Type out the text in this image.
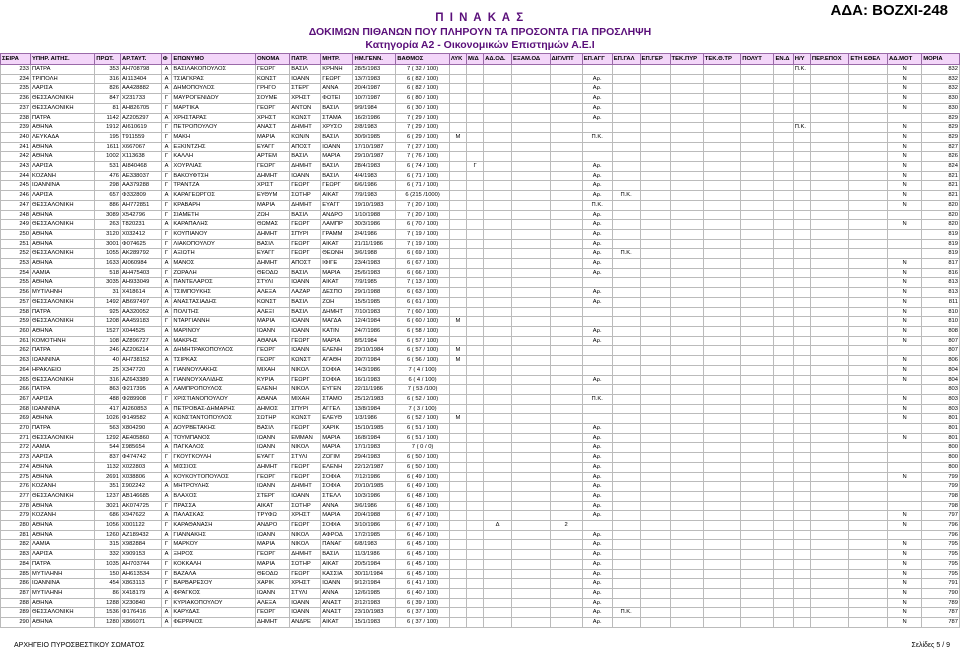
ΑΔΑ: ΒΟΖΧΙ-248
Π Ι Ν Α Κ Α Σ
ΔΟΚΙΜΩΝ ΠΙΘΑΝΩΝ ΠΟΥ ΠΛΗΡΟΥΝ ΤΑ ΠΡΟΣΟΝΤΑ ΓΙΑ ΠΡΟΣΛΗΨΗ
Κατηγορία Α2 - Οικονομικών Επιστημών Α.Ε.Ι
ΣΕΙΡΑ	ΥΠΗΡ. ΑΙΤΗΣ.	ΠΡΩΤ.	ΑΡ.ΤΑΥΤ.	Φ	ΕΠΩΝΥΜΟ	ΟΝΟΜΑ	ΠΑΤΡ.	ΜΗΤΡ.	ΗΜ.ΓΕΝΝ.	ΒΑΘΜΟΣ	ΛΥΚ	Μ/Δ	ΑΔ.ΟΔ.	ΕΞΑΜ.ΟΔ	ΔΙΓΛ/ΠΤ	ΕΠ.ΑΓΓ	ΕΠ.ΓΑΛ	ΕΠ.ΓΕΡ	ΤΕΚ.ΠΥΡ	ΤΕΚ.Θ.ΤΡ	ΠΟΛΥΤ	ΕΝ.Δ	Η/Υ	ΠΕΡ.ΕΠΟΧ	ΕΤΗ ΕΘΕΛ	ΑΔ.ΜΟΤ	ΜΟΡΙΑ
233	ΠΑΤΡΑ	353	ΑΗ708798	Α	ΒΑΣΙΛΑΚΟΠΟΥΛΟΣ	ΓΕΩΡΓ	ΒΑΣΙΛ	ΚΡΗΝΗ	28/5/1983	7 ( 32 / 100)													Π.Κ.			Ν	832
234	ΤΡΙΠΟΛΗ	316	ΑΙ113404	Α	ΤΣΙΑΓΚΡΑΣ	ΚΩΝΣΤ	ΙΩΑΝΝ	ΓΕΩΡΓ	13/7/1983	6 ( 82 / 100)						Αρ.										Ν	832
235	ΛΑΡΙΣΑ	826	ΑΑ428882	Α	ΔΗΜΟΠΟΥΛΟΣ	ΓΡΗΓΟ	ΣΤΕΡΓ	ΑΝΝΑ	20/4/1987	6 ( 82 / 100)						Αρ.										Ν	832
236	ΘΕΣΣΑΛΟΝΙΚΗ	847	Χ231733	Γ	ΜΑΥΡΟΓΕΝΙΔΟΥ	ΣΟΥΜΕ	ΧΡΗΣΤ	ΦΩΤΕΙ	10/7/1987	6 ( 80 / 100)						Αρ.										Ν	830
237	ΘΕΣΣΑΛΟΝΙΚΗ	81	ΑΗ826705	Γ	ΜΑΡΤΙΚΑ	ΓΕΩΡΓ	ΑΝΤΩΝ	ΒΑΣΙΛ	9/9/1984	6 ( 30 / 100)						Αρ.										Ν	830
238	ΠΑΤΡΑ	1142	ΑΖ205297	Α	ΧΡΗΣΤΑΡΑΣ	ΧΡΗΣΤ	ΚΩΝΣΤ	ΣΤΑΜΑ	16/2/1986	7 ( 29 / 100)						Αρ.											829
239	ΑΘΗΝΑ	1912	ΑΙ610619	Γ	ΠΕΤΡΟΠΟΥΛΟΥ	ΑΝΑΣΤ	ΔΗΜΗΤ	ΧΡΥΣΟ	2/8/1983	7 ( 29 / 100)													Π.Κ.			Ν	829
240	ΛΕΥΚΑΔΑ	195	Τ911559	Γ	ΜΑΚΗ	ΜΑΡΙΑ	ΚΩΝ/Ν	ΒΑΣΙΛ	30/9/1985	6 ( 29 / 100)	Μ					Π.Κ.										Ν	829
241	ΑΘΗΝΑ	1611	Χ667067	Α	ΕΞΚΙΝΤΖΗΣ	ΕΥΑΓΓ	ΑΠΟΣΤ	ΙΩΑΝΝ	17/10/1987	7 ( 27 / 100)																Ν	827
242	ΑΘΗΝΑ	1002	Χ113638	Γ	ΚΑΛΛΗ	ΑΡΤΕΜ	ΒΑΣΙΛ	ΜΑΡΙΑ	29/10/1987	7 ( 76 / 100)																Ν	826
243	ΛΑΡΙΣΑ	531	ΑΙ840468	Α	ΧΟΥΡΛΙΑΣ	ΓΕΩΡΓ	ΔΗΜΗΤ	ΒΑΣΙΛ	28/4/1983	6 ( 74 / 100)		Γ				Αρ.										Ν	824
244	ΚΟΖΑΝΗ	476	ΑΕ338037	Γ	ΒΑΚΟΥΦΤΣΗ	ΔΗΜΗΤ	ΙΩΑΝΝ	ΒΑΣΙΛ	4/4/1983	6 ( 71 / 100)						Αρ.										Ν	821
245	ΙΩΑΝΝΙΝΑ	298	ΑΑ379288	Γ	ΤΡΑΝΤΖΑ	ΧΡΙΣΤ	ΓΕΩΡΓ	ΓΕΩΡΓ	6/6/1986	6 ( 71 / 100)						Αρ.										Ν	821
246	ΛΑΡΙΣΑ	657	Φ332809	Α	ΚΑΡΑΓΕΩΡΓΟΣ	ΕΥΘΥΜ	ΣΩΤΗΡ	ΑΙΚΑΤ	7/9/1983	6 (215 /1000)						Αρ.	Π.Κ.									Ν	821
247	ΘΕΣΣΑΛΟΝΙΚΗ	886	ΑΗ772851	Γ	ΚΡΑΒΑΡΗ	ΜΑΡΙΑ	ΔΗΜΗΤ	ΕΥΑΓΓ	19/10/1983	7 ( 20 / 100)						Π.Κ.										Ν	820
248	ΑΘΗΝΑ	3089	Χ542796	Γ	ΣΙΑΜΕΤΗ	ΖΩΗ	ΒΑΣΙΛ	ΑΝΔΡΟ	1/10/1988	7 ( 20 / 100)						Αρ.											820
249	ΘΕΣΣΑΛΟΝΙΚΗ	263	Τ820231	Α	ΚΑΡΑΠΑΛΗΣ	ΘΩΜΑΣ	ΓΕΩΡΓ	ΛΑΜΠΡ	30/3/1986	6 ( 70 / 100)						Αρ.										Ν	820
250	ΑΘΗΝΑ	3120	Χ032412	Γ	ΚΟΥΠΙΑΝΟΥ	ΔΗΜΗΤ	ΣΠΥΡΙ	ΓΡΑΜΜ	2/4/1986	7 ( 19 / 100)						Αρ.											819
251	ΑΘΗΝΑ	3001	Φ074625	Γ	ΛΙΑΚΟΠΟΥΛΟΥ	ΒΑΣΙΛ	ΓΕΩΡΓ	ΑΙΚΑΤ	21/11/1986	7 ( 19 / 100)						Αρ.											819
252	ΘΕΣΣΑΛΟΝΙΚΗ	1055	ΑΚ289792	Γ	ΑΞΙΩΤΗ	ΕΥΑΓΓ	ΓΕΩΡΓ	ΘΕΩΝΗ	3/6/1988	6 ( 69 / 100)						Αρ.	Π.Κ.										819
253	ΑΘΗΝΑ	1633	ΑΙ060984	Α	ΜΑΝΟΣ	ΔΗΜΗΤ	ΑΠΟΣΤ	ΙΦΙΓΕ	23/4/1983	6 ( 67 / 100)						Αρ.										Ν	817
254	ΛΑΜΙΑ	518	ΑΗ475403	Γ	ΖΩΡΑΛΗ	ΘΕΟΔΩ	ΒΑΣΙΛ	ΜΑΡΙΑ	25/6/1983	6 ( 66 / 100)						Αρ.										Ν	816
255	ΑΘΗΝΑ	3035	ΑΗ933049	Α	ΠΑΝΤΕΛΑΡΟΣ	ΣΤΥΛΙ	ΙΩΑΝΝ	ΑΙΚΑΤ	7/9/1985	7 ( 13 / 100)																Ν	813
256	ΜΥΤΙΛΗΝΗ	31	Χ418614	Α	ΤΣΙΜΠΟΥΚΗΣ	ΑΛΕΞΑ	ΛΑΖΑΡ	ΔΕΣΠΟ	29/1/1988	6 ( 63 / 100)						Αρ.										Ν	813
257	ΘΕΣΣΑΛΟΝΙΚΗ	1492	ΑΒ697497	Α	ΑΝΑΣΤΑΣΙΑΔΗΣ	ΚΩΝΣΤ	ΒΑΣΙΛ	ΖΩΗ	15/5/1985	6 ( 61 / 100)						Αρ.										Ν	811
258	ΠΑΤΡΑ	925	ΑΑ320052	Α	ΠΟΛΙΤΗΣ	ΑΛΕΞΙ	ΒΑΣΙΛ	ΔΗΜΗΤ	7/10/1983	7 ( 60 / 100)																Ν	810
259	ΘΕΣΣΑΛΟΝΙΚΗ	1208	ΑΑ459183	Γ	ΝΤΑΡΓΙΑΝΝΗ	ΜΑΡΙΑ	ΙΩΑΝΝ	ΜΑΓΔΑ	12/4/1984	6 ( 60 / 100)	Μ															Ν	810
260	ΑΘΗΝΑ	1527	Χ044525	Α	ΜΑΡΙΝΟΥ	ΙΩΑΝΝ	ΙΩΑΝΝ	ΚΑΤΙΝ	24/7/1986	6 ( 58 / 100)						Αρ.										Ν	808
261	ΚΟΜΟΤΗΝΗ	108	ΑΖ896727	Α	ΜΑΚΡΗΣ	ΑΘΑΝΑ	ΓΕΩΡΓ	ΜΑΡΙΑ	8/5/1984	6 ( 57 / 100)						Αρ.										Ν	807
262	ΠΑΤΡΑ	246	ΑΖ206214	Α	ΔΗΜΗΤΡΑΚΟΠΟΥΛΟΣ	ΓΕΩΡΓ	ΙΩΑΝΝ	ΕΛΕΝΗ	29/10/1984	6 ( 57 / 100)	Μ																807
263	ΙΩΑΝΝΙΝΑ	40	ΑΗ738152	Α	ΤΣΙΡΚΑΣ	ΓΕΩΡΓ	ΚΩΝΣΤ	ΑΓΑΘΗ	20/7/1984	6 ( 56 / 100)	Μ															Ν	806
264	ΗΡΑΚΛΕΙΟ	25	Χ347720	Α	ΓΙΑΝΝΟΥΛΑΚΗΣ	ΜΙΧΑΗ	ΝΙΚΟΛ	ΣΟΦΙΑ	14/3/1986	7 ( 4 / 100)																Ν	804
265	ΘΕΣΣΑΛΟΝΙΚΗ	316	ΑΖ643389	Α	ΓΙΑΝΝΟΥΧΑΛΙΔΗΣ	ΚΥΡΙΑ	ΓΕΩΡΓ	ΣΟΦΙΑ	16/1/1983	6 ( 4 / 100)						Αρ.										Ν	804
266	ΠΑΤΡΑ	863	Φ217395	Α	ΛΑΜΠΡΟΠΟΥΛΟΣ	ΕΛΕΝΗ	ΝΙΚΟΛ	ΕΥΓΕΝ	22/11/1986	7 ( 53 /100)																	803
267	ΛΑΡΙΣΑ	488	Φ289908	Γ	ΧΡΙΣΤΙΑΝΟΠΟΥΛΟΥ	ΑΘΑΝΑ	ΜΙΧΑΗ	ΣΤΑΜΟ	25/12/1983	6 ( 52 / 100)						Π.Κ.										Ν	803
268	ΙΩΑΝΝΙΝΑ	417	ΑΙ260853	Α	ΠΕΤΡΟΒΑΣ-ΔΗΜΑΡΗΣ	ΔΗΜΟΣ	ΣΠΥΡΙ	ΑΓΓΕΛ	13/8/1984	7 ( 3 / 100)																Ν	803
269	ΑΘΗΝΑ	1026	Φ149582	Α	ΚΩΝΣΤΑΝΤΟΠΟΥΛΟΣ	ΣΩΤΗΡ	ΚΩΝΣΤ	ΕΛΕΥΘ	1/3/1986	6 ( 52 / 100)	Μ															Ν	801
270	ΠΑΤΡΑ	563	Χ804290	Α	ΔΟΥΡΒΕΤΑΚΗΣ	ΒΑΣΙΛ	ΓΕΩΡΓ	ΧΑΡΙΚ	15/10/1985	6 ( 51 / 100)						Αρ.											801
271	ΘΕΣΣΑΛΟΝΙΚΗ	1292	ΑΕ405860	Α	ΤΟΥΜΠΑΝΟΣ	ΙΩΑΝΝ	ΕΜΜΑΝ	ΜΑΡΙΑ	16/8/1984	6 ( 51 / 100)						Αρ.										Ν	801
272	ΛΑΜΙΑ	544	Σ985654	Α	ΠΑΓΚΑΛΟΣ	ΙΩΑΝΝ	ΝΙΚΟΛ	ΜΑΡΙΑ	17/1/1983	7 ( 0 / 0)						Αρ.											800
273	ΛΑΡΙΣΑ	837	Φ474742	Γ	ΓΚΟΥΓΚΟΥΛΗ	ΕΥΑΓΓ	ΣΤΥΛΙ	ΖΩΓΙΜ	29/4/1983	6 ( 50 / 100)						Αρ.											800
274	ΑΘΗΝΑ	1132	Χ022803	Α	ΜΙΣΣΙΟΣ	ΔΗΜΗΤ	ΓΕΩΡΓ	ΕΛΕΝΗ	22/12/1987	6 ( 50 / 100)						Αρ.											800
275	ΑΘΗΝΑ	2691	Χ038806	Α	ΚΟΥΚΟΥΤΟΠΟΥΛΟΣ	ΓΕΩΡΓ	ΓΕΩΡΓ	ΣΟΦΙΑ	7/12/1986	6 ( 49 / 100)						Αρ.										Ν	799
276	ΚΟΖΑΝΗ	351	Σ902242	Α	ΜΗΤΡΟΥΛΗΣ	ΙΩΑΝΝ	ΔΗΜΗΤ	ΣΟΦΙΑ	20/10/1985	6 ( 49 / 100)						Αρ.											799
277	ΘΕΣΣΑΛΟΝΙΚΗ	1237	ΑΒ146685	Α	ΒΛΑΧΟΣ	ΣΤΕΡΓ	ΙΩΑΝΝ	ΣΤΕΛΛ	10/3/1986	6 ( 48 / 100)						Αρ.											798
278	ΑΘΗΝΑ	3021	ΑΚ074725	Γ	ΠΡΑΣΣΑ	ΑΙΚΑΤ	ΣΩΤΗΡ	ΑΝΝΑ	3/6/1986	6 ( 48 / 100)						Αρ.											798
279	ΚΟΖΑΝΗ	686	Χ947622	Α	ΠΑΛΑΣΚΑΣ	ΤΡΥΦΩ	ΧΡΗΣΤ	ΜΑΡΙΑ	20/4/1988	6 ( 47 / 100)						Αρ.										Ν	797
280	ΑΘΗΝΑ	1056	Χ001122	Γ	ΚΑΡΑΘΑΝΑΣΗ	ΑΝΔΡΟ	ΓΕΩΡΓ	ΣΟΦΙΑ	3/10/1986	6 ( 47 / 100)			Δ		2											Ν	796
281	ΑΘΗΝΑ	1260	ΑΖ189432	Α	ΓΙΑΝΝΑΚΗΣ	ΙΩΑΝΝ	ΝΙΚΟΛ	ΑΦΡΟΔ	17/2/1985	6 ( 46 / 100)						Αρ.											796
282	ΛΑΜΙΑ	315	Χ982884	Γ	ΜΑΡΚΟΥ	ΜΑΡΙΑ	ΝΙΚΟΛ	ΠΑΝΑΓ	6/8/1983	6 ( 45 / 100)						Αρ.										Ν	795
283	ΛΑΡΙΣΑ	332	Χ909153	Α	ΞΗΡΟΣ	ΓΕΩΡΓ	ΔΗΜΗΤ	ΒΑΣΙΛ	11/3/1986	6 ( 45 / 100)						Αρ.										Ν	795
284	ΠΑΤΡΑ	1035	ΑΗ703744	Γ	ΚΟΚΚΑΛΗ	ΜΑΡΙΑ	ΣΩΤΗΡ	ΑΙΚΑΤ	20/5/1984	6 ( 45 / 100)						Αρ.										Ν	795
285	ΜΥΤΙΛΗΝΗ	150	ΑΗ613534	Γ	ΒΑΖΑΛΑ	ΘΕΟΔΩ	ΓΕΩΡΓ	ΚΑΣΣΙΑ	30/11/1984	6 ( 45 / 100)						Αρ.										Ν	795
286	ΙΩΑΝΝΙΝΑ	454	Χ863113	Γ	ΒΑΡΒΑΡΕΣΟΥ	ΧΑΡΙΚ	ΧΡΗΣΤ	ΙΩΑΝΝ	9/12/1984	6 ( 41 / 100)						Αρ.										Ν	791
287	ΜΥΤΙΛΗΝΗ	86	Χ418179	Α	ΦΡΑΓΚΟΣ	ΙΩΑΝΝ	ΣΤΥΛΙ	ΑΝΝΑ	12/6/1985	6 ( 40 / 100)						Αρ.										Ν	790
288	ΑΘΗΝΑ	1288	Χ230840	Γ	ΚΥΡΙΑΚΟΠΟΥΛΟΥ	ΑΛΕΞΑ	ΙΩΑΝΝ	ΑΝΑΣΤ	2/12/1983	6 ( 39 / 100)						Αρ.										Ν	789
289	ΘΕΣΣΑΛΟΝΙΚΗ	1536	Φ176416	Α	ΚΑΡΥΔΑΣ	ΓΕΩΡΓ	ΙΩΑΝΝ	ΑΝΑΣΤ	23/10/1983	6 ( 37 / 100)						Αρ.	Π.Κ.									Ν	787
290	ΑΘΗΝΑ	1280	Χ866071	Α	ΦΕΡΡΑΙΟΣ	ΔΗΜΗΤ	ΑΝΔΡΕ	ΑΙΚΑΤ	15/1/1983	6 ( 37 / 100)						Αρ.										Ν	787
ΑΡΧΗΓΕΙΟ ΠΥΡΟΣΒΕΣΤΙΚΟΥ ΣΩΜΑΤΟΣ	Σελίδες 5 / 9
